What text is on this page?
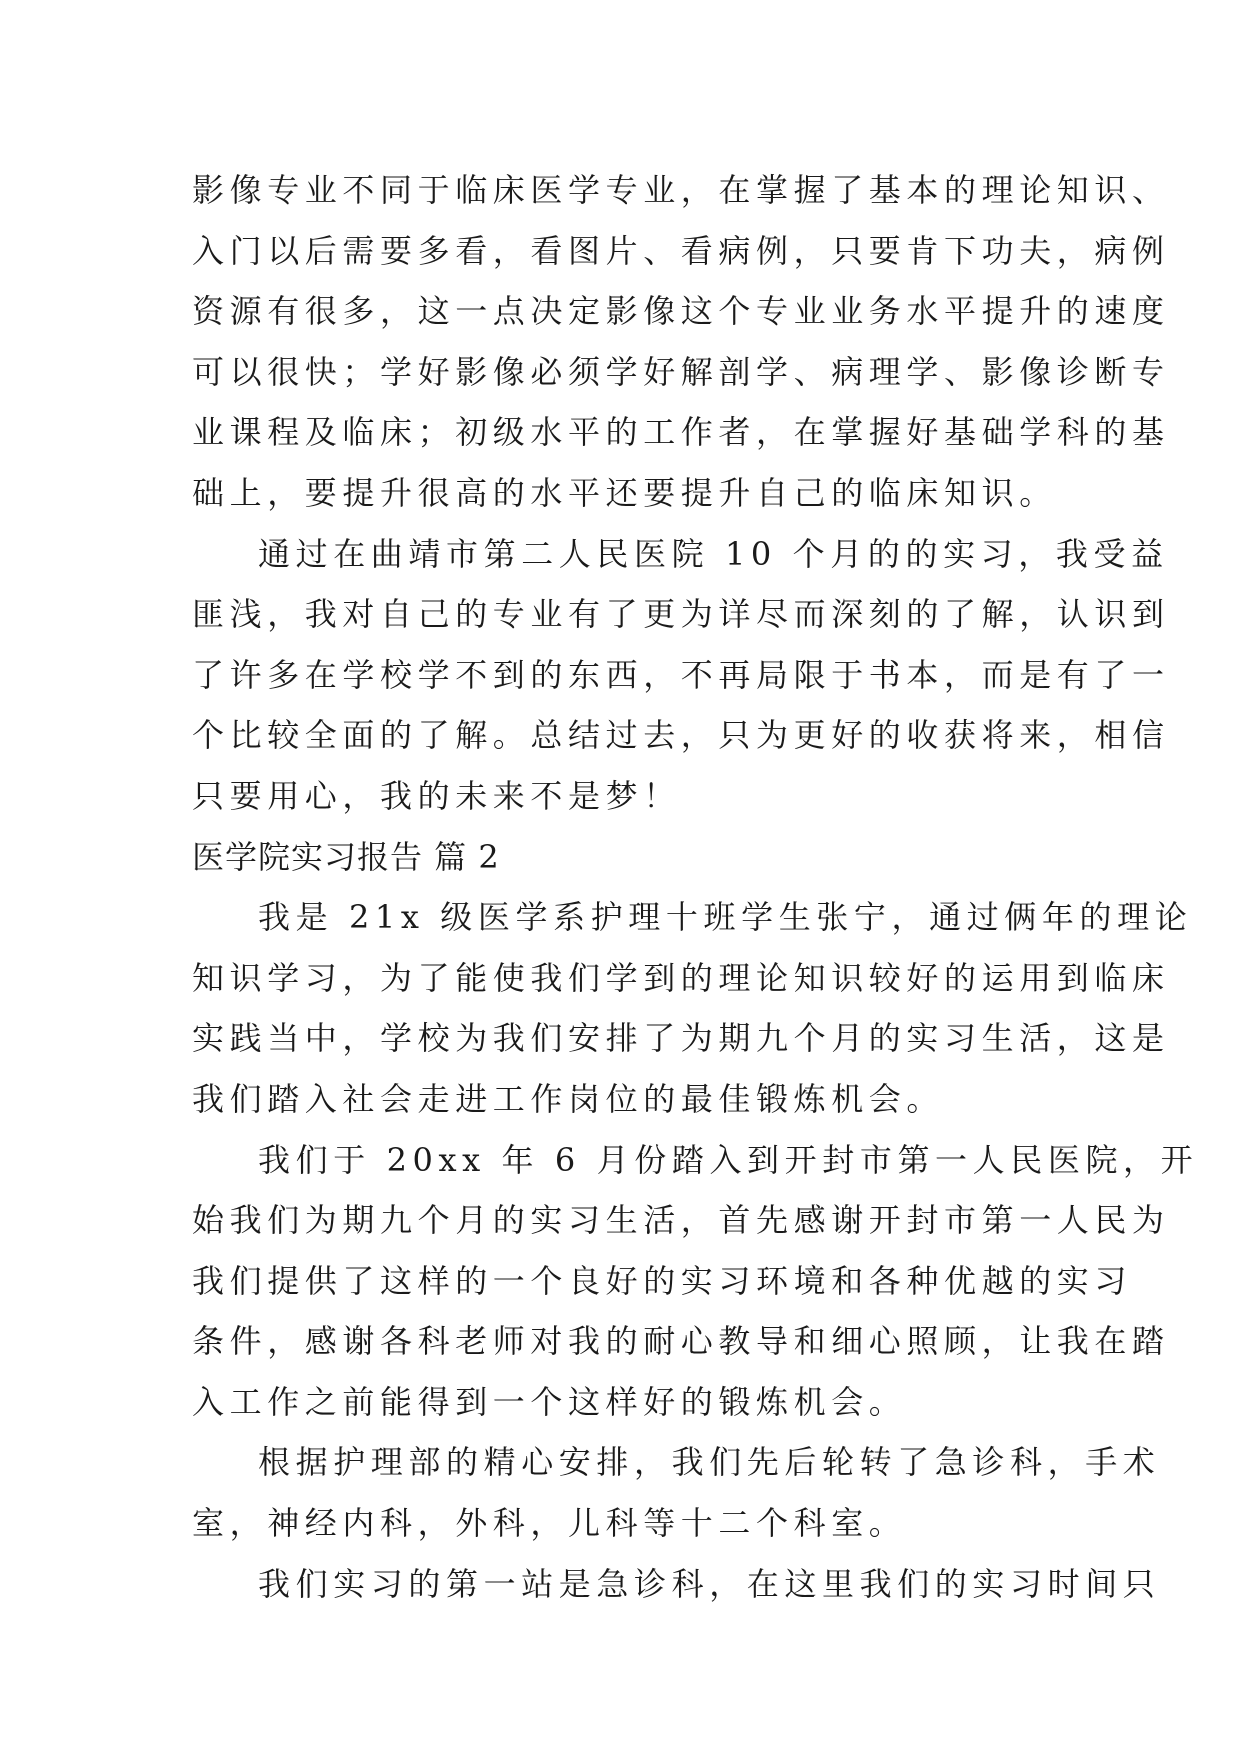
影像专业不同于临床医学专业，在掌握了基本的理论知识、
入门以后需要多看，看图片、看病例，只要肯下功夫，病例
资源有很多，这一点决定影像这个专业业务水平提升的速度
可以很快；学好影像必须学好解剖学、病理学、影像诊断专
业课程及临床；初级水平的工作者，在掌握好基础学科的基
础上，要提升很高的水平还要提升自己的临床知识。
通过在曲靖市第二人民医院 10 个月的的实习，我受益
匪浅，我对自己的专业有了更为详尽而深刻的了解，认识到
了许多在学校学不到的东西，不再局限于书本，而是有了一
个比较全面的了解。总结过去，只为更好的收获将来，相信
只要用心，我的未来不是梦！
医学院实习报告 篇 2
我是 21x 级医学系护理十班学生张宁，通过俩年的理论
知识学习，为了能使我们学到的理论知识较好的运用到临床
实践当中，学校为我们安排了为期九个月的实习生活，这是
我们踏入社会走进工作岗位的最佳锻炼机会。
我们于 20xx 年 6 月份踏入到开封市第一人民医院，开
始我们为期九个月的实习生活，首先感谢开封市第一人民为
我们提供了这样的一个良好的实习环境和各种优越的实习
条件，感谢各科老师对我的耐心教导和细心照顾，让我在踏
入工作之前能得到一个这样好的锻炼机会。
根据护理部的精心安排，我们先后轮转了急诊科，手术
室，神经内科，外科，儿科等十二个科室。
我们实习的第一站是急诊科，在这里我们的实习时间只
